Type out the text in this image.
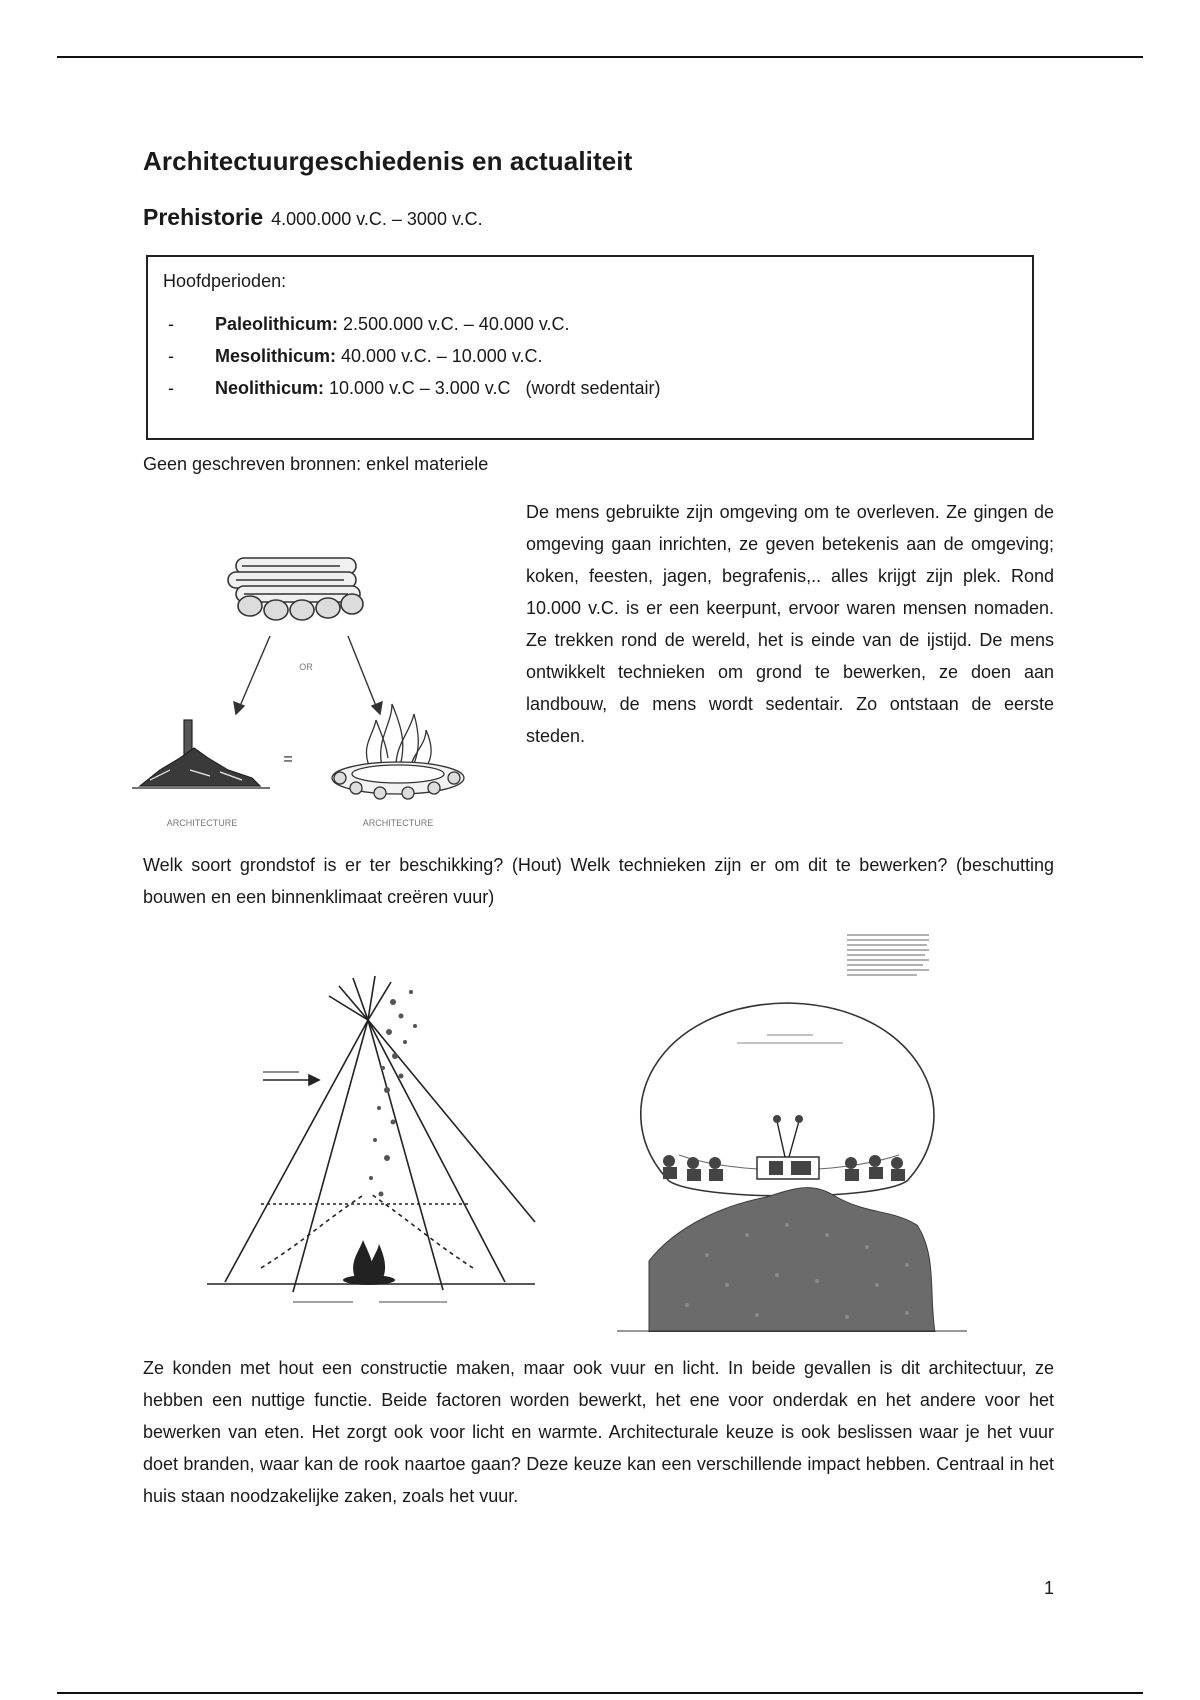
Architectuurgeschiedenis en actualiteit

Prehistorie 4.000.000 v.C. – 3000 v.C.

Hoofdperioden:

- Paleolithicum: 2.500.000 v.C. – 40.000 v.C.
- Mesolithicum: 40.000 v.C. – 10.000 v.C.
- Neolithicum: 10.000 v.C – 3.000 v.C   (wordt sedentair)

Geen geschreven bronnen: enkel materiele

OR
=
ARCHITECTURE	ARCHITECTURE

De mens gebruikte zijn omgeving om te overleven. Ze gingen de omgeving gaan inrichten, ze geven betekenis aan de omgeving; koken, feesten, jagen, begrafenis,.. alles krijgt zijn plek. Rond 10.000 v.C. is er een keerpunt, ervoor waren mensen nomaden. Ze trekken rond de wereld, het is einde van de ijstijd. De mens ontwikkelt technieken om grond te bewerken, ze doen aan landbouw, de mens wordt sedentair. Zo ontstaan de eerste steden.

Welk soort grondstof is er ter beschikking? (Hout) Welk technieken zijn er om dit te bewerken? (beschutting bouwen en een binnenklimaat creëren vuur)

Ze konden met hout een constructie maken, maar ook vuur en licht. In beide gevallen is dit architectuur, ze hebben een nuttige functie. Beide factoren worden bewerkt, het ene voor onderdak en het andere voor het bewerken van eten. Het zorgt ook voor licht en warmte. Architecturale keuze is ook beslissen waar je het vuur doet branden, waar kan de rook naartoe gaan? Deze keuze kan een verschillende impact hebben. Centraal in het huis staan noodzakelijke zaken, zoals het vuur.

1
